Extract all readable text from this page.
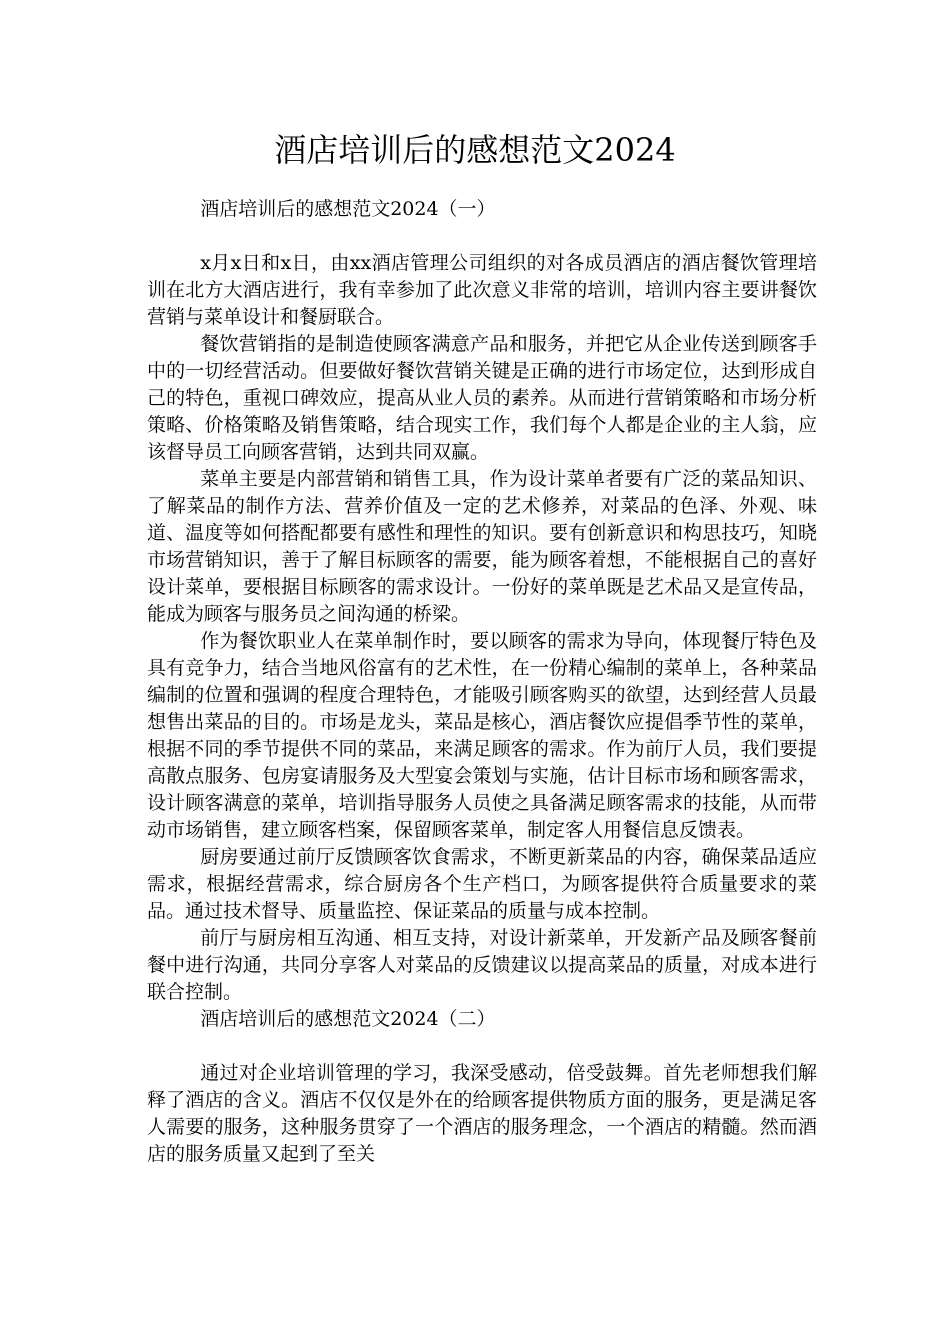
酒店培训后的感想范文2024

酒店培训后的感想范文2024（一）

x月x日和x日，由xx酒店管理公司组织的对各成员酒店的酒店餐饮管理培训在北方大酒店进行，我有幸参加了此次意义非常的培训，培训内容主要讲餐饮营销与菜单设计和餐厨联合。

餐饮营销指的是制造使顾客满意产品和服务，并把它从企业传送到顾客手中的一切经营活动。但要做好餐饮营销关键是正确的进行市场定位，达到形成自己的特色，重视口碑效应，提高从业人员的素养。从而进行营销策略和市场分析策略、价格策略及销售策略，结合现实工作，我们每个人都是企业的主人翁，应该督导员工向顾客营销，达到共同双赢。

菜单主要是内部营销和销售工具，作为设计菜单者要有广泛的菜品知识、了解菜品的制作方法、营养价值及一定的艺术修养，对菜品的色泽、外观、味道、温度等如何搭配都要有感性和理性的知识。要有创新意识和构思技巧，知晓市场营销知识，善于了解目标顾客的需要，能为顾客着想，不能根据自己的喜好设计菜单，要根据目标顾客的需求设计。一份好的菜单既是艺术品又是宣传品，能成为顾客与服务员之间沟通的桥梁。

作为餐饮职业人在菜单制作时，要以顾客的需求为导向，体现餐厅特色及具有竞争力，结合当地风俗富有的艺术性，在一份精心编制的菜单上，各种菜品编制的位置和强调的程度合理特色，才能吸引顾客购买的欲望，达到经营人员最想售出菜品的目的。市场是龙头，菜品是核心，酒店餐饮应提倡季节性的菜单，根据不同的季节提供不同的菜品，来满足顾客的需求。作为前厅人员，我们要提高散点服务、包房宴请服务及大型宴会策划与实施，估计目标市场和顾客需求，设计顾客满意的菜单，培训指导服务人员使之具备满足顾客需求的技能，从而带动市场销售，建立顾客档案，保留顾客菜单，制定客人用餐信息反馈表。

厨房要通过前厅反馈顾客饮食需求，不断更新菜品的内容，确保菜品适应需求，根据经营需求，综合厨房各个生产档口，为顾客提供符合质量要求的菜品。通过技术督导、质量监控、保证菜品的质量与成本控制。

前厅与厨房相互沟通、相互支持，对设计新菜单，开发新产品及顾客餐前餐中进行沟通，共同分享客人对菜品的反馈建议以提高菜品的质量，对成本进行联合控制。

酒店培训后的感想范文2024（二）

通过对企业培训管理的学习，我深受感动，倍受鼓舞。首先老师想我们解释了酒店的含义。酒店不仅仅是外在的给顾客提供物质方面的服务，更是满足客人需要的服务，这种服务贯穿了一个酒店的服务理念，一个酒店的精髓。然而酒店的服务质量又起到了至关
